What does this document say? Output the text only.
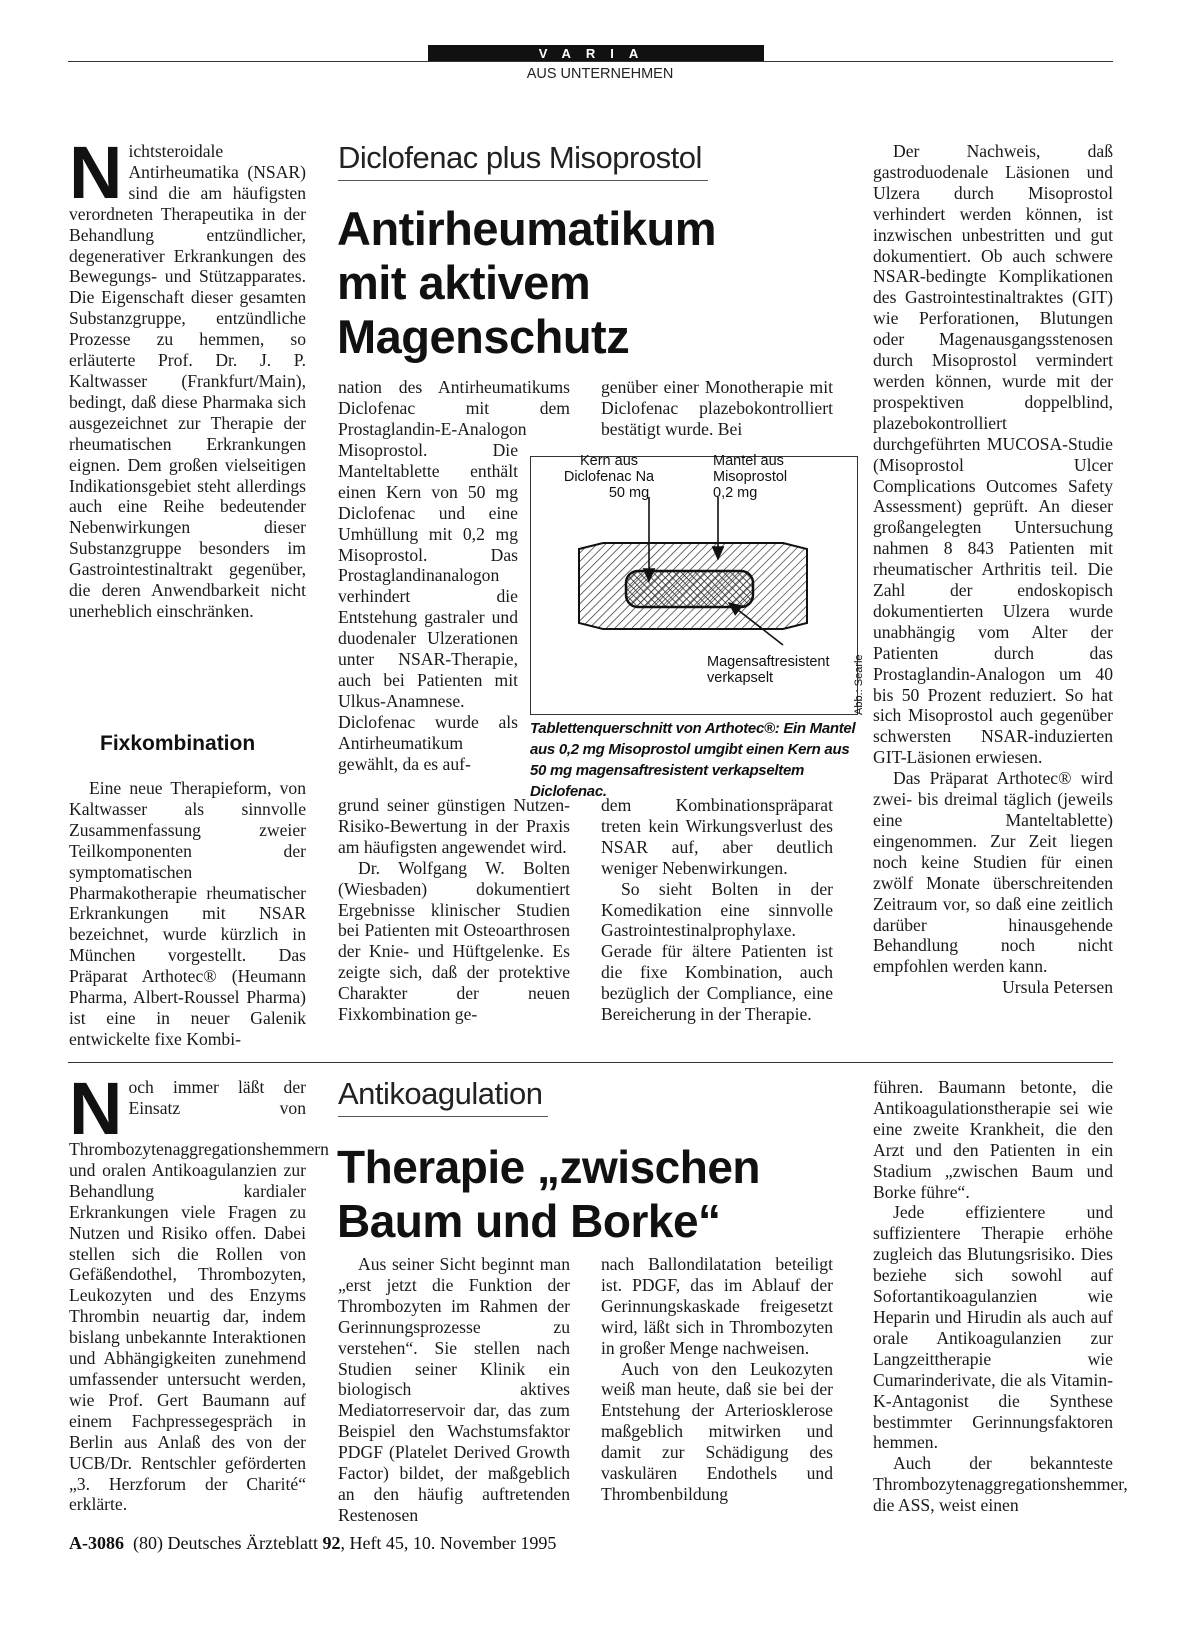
VARIA
AUS UNTERNEHMEN
Diclofenac plus Misoprostol
Antirheumatikum
mit aktivem
Magenschutz
Nichtsteroidale Antirheumatika (NSAR) sind die am häufigsten verordneten Therapeutika in der Behandlung entzündlicher, degenerativer Erkrankungen des Bewegungs- und Stützapparates. Die Eigenschaft dieser gesamten Substanzgruppe, entzündliche Prozesse zu hemmen, so erläuterte Prof. Dr. J. P. Kaltwasser (Frankfurt/Main), bedingt, daß diese Pharmaka sich ausgezeichnet zur Therapie der rheumatischen Erkrankungen eignen. Dem großen vielseitigen Indikationsgebiet steht allerdings auch eine Reihe bedeutender Nebenwirkungen dieser Substanzgruppe besonders im Gastrointestinaltrakt gegenüber, die deren Anwendbarkeit nicht unerheblich einschränken.
Fixkombination
Eine neue Therapieform, von Kaltwasser als sinnvolle Zusammenfassung zweier Teilkomponenten der symptomatischen Pharmakotherapie rheumatischer Erkrankungen mit NSAR bezeichnet, wurde kürzlich in München vorgestellt. Das Präparat Arthotec® (Heumann Pharma, Albert-Roussel Pharma) ist eine in neuer Galenik entwickelte fixe Kombi-
nation des Antirheumatikums Diclofenac mit dem Prostaglandin-E-Analogon
Misoprostol. Die Manteltablette enthält einen Kern von 50 mg Diclofenac und eine Umhüllung mit 0,2 mg Misoprostol. Das Prostaglandinanalogon verhindert die Entstehung gastraler und duodenaler Ulzerationen unter NSAR-Therapie, auch bei Patienten mit Ulkus-Anamnese. Diclofenac wurde als Antirheumatikum gewählt, da es auf-

grund seiner günstigen Nutzen-Risiko-Bewertung in der Praxis am häufigsten angewendet wird.

Dr. Wolfgang W. Bolten (Wiesbaden) dokumentiert Ergebnisse klinischer Studien bei Patienten mit Osteoarthrosen der Knie- und Hüftgelenke. Es zeigte sich, daß der protektive Charakter der neuen Fixkombination ge-

genüber einer Monotherapie mit Diclofenac plazebokontrolliert bestätigt wurde. Bei

dem Kombinationspräparat treten kein Wirkungsverlust des NSAR auf, aber deutlich weniger Nebenwirkungen.

So sieht Bolten in der Komedikation eine sinnvolle Gastrointestinalprophylaxe. Gerade für ältere Patienten ist die fixe Kombination, auch bezüglich der Compliance, eine Bereicherung in der Therapie.

Kern aus
Diclofenac Na
50 mg
Mantel aus
Misoprostol
0,2 mg
Magensaftresistent
verkapselt	Abb.: Searle
Tablettenquerschnitt von Arthotec®: Ein Mantel aus 0,2 mg Misoprostol umgibt einen Kern aus 50 mg magensaftresistent verkapseltem Diclofenac.

Der Nachweis, daß gastroduodenale Läsionen und Ulzera durch Misoprostol verhindert werden können, ist inzwischen unbestritten und gut dokumentiert. Ob auch schwere NSAR-bedingte Komplikationen des Gastrointestinaltraktes (GIT) wie Perforationen, Blutungen oder Magenausgangsstenosen durch Misoprostol vermindert werden können, wurde mit der prospektiven doppelblind, plazebokontrolliert durchgeführten MUCOSA-Studie (Misoprostol Ulcer Complications Outcomes Safety Assessment) geprüft. An dieser großangelegten Untersuchung nahmen 8 843 Patienten mit rheumatischer Arthritis teil. Die Zahl der endoskopisch dokumentierten Ulzera wurde unabhängig vom Alter der Patienten durch das Prostaglandin-Analogon um 40 bis 50 Prozent reduziert. So hat sich Misoprostol auch gegenüber schwersten NSAR-induzierten GIT-Läsionen erwiesen.

Das Präparat Arthotec® wird zwei- bis dreimal täglich (jeweils eine Manteltablette) eingenommen. Zur Zeit liegen noch keine Studien für einen zwölf Monate überschreitenden Zeitraum vor, so daß eine zeitlich darüber hinausgehende Behandlung noch nicht empfohlen werden kann.
Ursula Petersen

Antikoagulation
Therapie „zwischen
Baum und Borke“
Noch immer läßt der Einsatz von Thrombozytenaggregationshemmern und oralen Antikoagulanzien zur Behandlung kardialer Erkrankungen viele Fragen zu Nutzen und Risiko offen. Dabei stellen sich die Rollen von Gefäßendothel, Thrombozyten, Leukozyten und des Enzyms Thrombin neuartig dar, indem bislang unbekannte Interaktionen und Abhängigkeiten zunehmend umfassender untersucht werden, wie Prof. Gert Baumann auf einem Fachpressegespräch in Berlin aus Anlaß des von der UCB/Dr. Rentschler geförderten „3. Herzforum der Charité“ erklärte.
Aus seiner Sicht beginnt man „erst jetzt die Funktion der Thrombozyten im Rahmen der Gerinnungsprozesse zu verstehen“. Sie stellen nach Studien seiner Klinik ein biologisch aktives Mediatorreservoir dar, das zum Beispiel den Wachstumsfaktor PDGF (Platelet Derived Growth Factor) bildet, der maßgeblich an den häufig auftretenden Restenosen

nach Ballondilatation beteiligt ist. PDGF, das im Ablauf der Gerinnungskaskade freigesetzt wird, läßt sich in Thrombozyten in großer Menge nachweisen.

Auch von den Leukozyten weiß man heute, daß sie bei der Entstehung der Arteriosklerose maßgeblich mitwirken und damit zur Schädigung des vaskulären Endothels und Thrombenbildung

führen. Baumann betonte, die Antikoagulationstherapie sei wie eine zweite Krankheit, die den Arzt und den Patienten in ein Stadium „zwischen Baum und Borke führe“.

Jede effizientere und suffizientere Therapie erhöhe zugleich das Blutungsrisiko. Dies beziehe sich sowohl auf Sofortantikoagulanzien wie Heparin und Hirudin als auch auf orale Antikoagulanzien zur Langzeittherapie wie Cumarinderivate, die als Vitamin-K-Antagonist die Synthese bestimmter Gerinnungsfaktoren hemmen.

Auch der bekannteste Thrombozytenaggregationshemmer, die ASS, weist einen

A-3086 (80) Deutsches Ärzteblatt 92, Heft 45, 10. November 1995
